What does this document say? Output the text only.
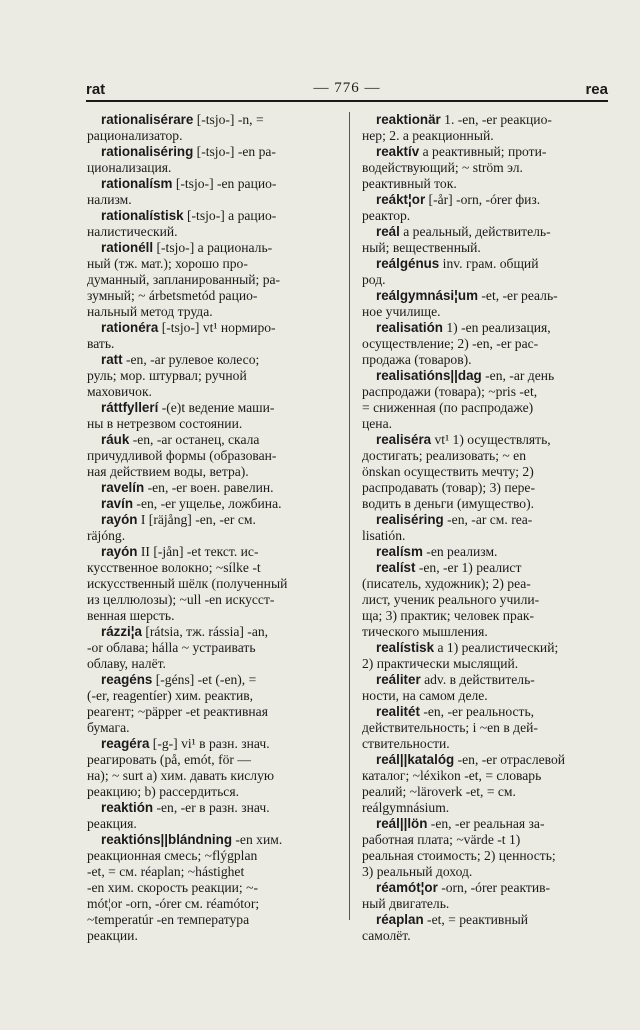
rat	— 776 —	rea
rationalisérare [-tsjo-] -n, =
рационализатор.
rationaliséring [-tsjo-] -en ра-
ционализация.
rationalísm [-tsjo-] -en рацио-
нализм.
rationalístisk [-tsjo-] a рацио-
налистический.
rationéll [-tsjo-] a рациональ-
ный (тж. мат.); хорошо про-
думанный, запланированный; ра-
зумный; ~ árbetsmetód рацио-
нальный метод труда.
rationéra [-tsjo-] vt¹ нормиро-
вать.
ratt -en, -ar рулевое колесо;
руль; мор. штурвал; ручной
маховичок.
ráttfyllerí -(e)t ведение маши-
ны в нетрезвом состоянии.
ráuk -en, -ar останец, скала
причудливой формы (образован-
ная действием воды, ветра).
ravelín -en, -er воен. равелин.
ravín -en, -er ущелье, ложбина.
rayón I [räjång] -en, -er см.
räjóng.
rayón II [-jån] -et текст. ис-
кусственное волокно; ~sílke -t
искусственный шёлк (полученный
из целлюлозы); ~ull -en искусст-
венная шерсть.
rázzi¦a [rátsia, тж. rássia] -an,
-or облава; hálla ~ устраивать
облаву, налёт.
reagéns [-géns] -et (-en), =
(-er, reagentíer) хим. реактив,
реагент; ~päpper -et реактивная
бумага.
reagéra [-g-] vi¹ в разн. знач.
реагировать (på, emót, för —
на); ~ surt a) хим. давать кислую
реакцию; b) рассердиться.
reaktión -en, -er в разн. знач.
реакция.
reaktións||blándning -en хим.
реакционная смесь; ~flýgplan
-et, = см. réaplan; ~hástighet
-en хим. скорость реакции; ~-
mót¦or -orn, -órer см. réamótor;
~temperatúr -en температура
реакции.
reaktionär 1. -en, -er реакцио-
нер; 2. a реакционный.
reaktív a реактивный; проти-
водействующий; ~ ström эл.
реактивный ток.
reákt¦or [-år] -orn, -órer физ.
реактор.
reál a реальный, действитель-
ный; вещественный.
reálgénus inv. грам. общий
род.
reálgymnási¦um -et, -er реаль-
ное училище.
realisatión 1) -en реализация,
осуществление; 2) -en, -er рас-
продажа (товаров).
realisatións||dag -en, -ar день
распродажи (товара); ~pris -et,
= сниженная (по распродаже)
цена.
realiséra vt¹ 1) осуществлять,
достигать; реализовать; ~ en
önskan осуществить мечту; 2)
распродавать (товар); 3) пере-
водить в деньги (имущество).
realiséring -en, -ar см. rea-
lisatión.
realísm -en реализм.
realíst -en, -er 1) реалист
(писатель, художник); 2) реа-
лист, ученик реального учили-
ща; 3) практик; человек прак-
тического мышления.
realístisk a 1) реалистический;
2) практически мыслящий.
reáliter adv. в действитель-
ности, на самом деле.
realitét -en, -er реальность,
действительность; i ~en в дей-
ствительности.
reál||katalóg -en, -er отраслевой
каталог; ~léxikon -et, = словарь
реалий; ~läroverk -et, = см.
reálgymnásium.
reál||lön -en, -er реальная за-
работная плата; ~värde -t 1)
реальная стоимость; 2) ценность;
3) реальный доход.
réamót¦or -orn, -órer реактив-
ный двигатель.
réaplan -et, = реактивный
самолёт.
